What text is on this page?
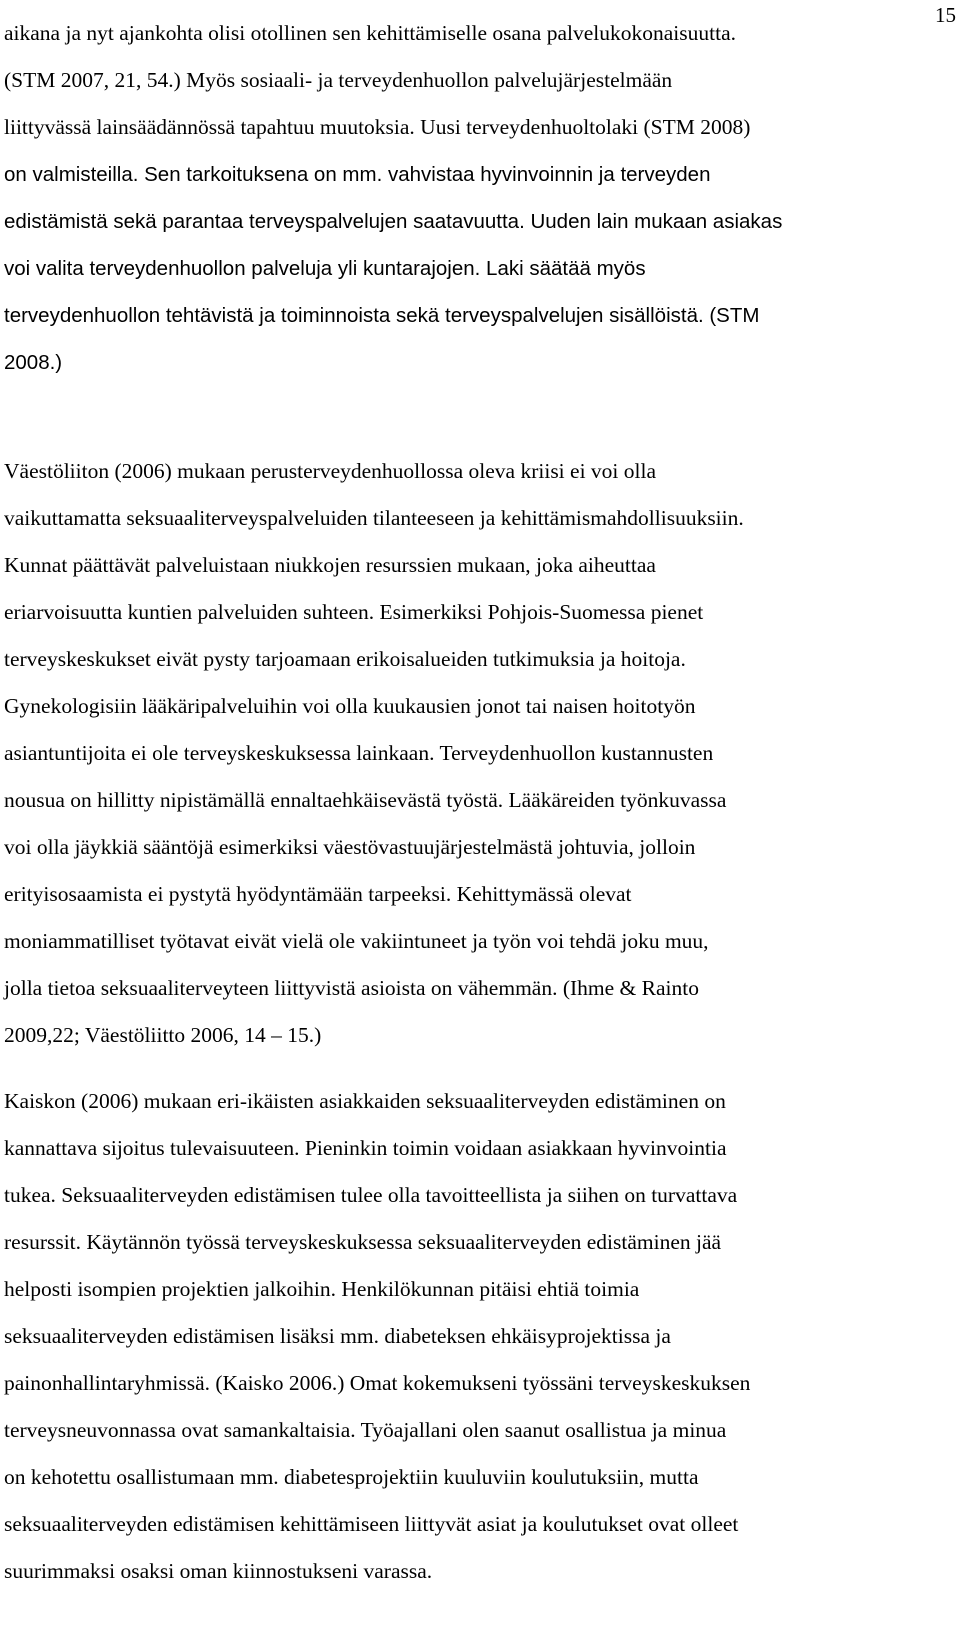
15
aikana ja nyt ajankohta olisi otollinen sen kehittämiselle osana palvelukokonaisuutta.
(STM 2007, 21, 54.) Myös sosiaali- ja terveydenhuollon palvelujärjestelmään
liittyvässä lainsäädännössä tapahtuu muutoksia. Uusi terveydenhuoltolaki (STM 2008)
on valmisteilla. Sen tarkoituksena on mm. vahvistaa hyvinvoinnin ja terveyden
edistämistä sekä parantaa terveyspalvelujen saatavuutta. Uuden lain mukaan asiakas
voi valita terveydenhuollon palveluja yli kuntarajojen. Laki säätää myös
terveydenhuollon tehtävistä ja toiminnoista sekä terveyspalvelujen sisällöistä. (STM
2008.)
Väestöliiton (2006) mukaan perusterveydenhuollossa oleva kriisi ei voi olla
vaikuttamatta seksuaaliterveyspalveluiden tilanteeseen ja kehittämismahdollisuuksiin.
Kunnat päättävät palveluistaan niukkojen resurssien mukaan, joka aiheuttaa
eriarvoisuutta kuntien palveluiden suhteen. Esimerkiksi Pohjois-Suomessa pienet
terveyskeskukset eivät pysty tarjoamaan erikoisalueiden tutkimuksia ja hoitoja.
Gynekologisiin lääkäripalveluihin voi olla kuukausien jonot tai naisen hoitotyön
asiantuntijoita ei ole terveyskeskuksessa lainkaan. Terveydenhuollon kustannusten
nousua on hillitty nipistämällä ennaltaehkäisevästä työstä. Lääkäreiden työnkuvassa
voi olla jäykkiä sääntöjä esimerkiksi väestövastuujärjestelmästä johtuvia, jolloin
erityisosaamista ei pystytä hyödyntämään tarpeeksi. Kehittymässä olevat
moniammatilliset työtavat eivät vielä ole vakiintuneet ja työn voi tehdä joku muu,
jolla tietoa seksuaaliterveyteen liittyvistä asioista on vähemmän. (Ihme & Rainto
2009,22; Väestöliitto 2006, 14 – 15.)
Kaiskon (2006) mukaan eri-ikäisten asiakkaiden seksuaaliterveyden edistäminen on
kannattava sijoitus tulevaisuuteen. Pieninkin toimin voidaan asiakkaan hyvinvointia
tukea. Seksuaaliterveyden edistämisen tulee olla tavoitteellista ja siihen on turvattava
resurssit. Käytännön työssä terveyskeskuksessa seksuaaliterveyden edistäminen jää
helposti isompien projektien jalkoihin. Henkilökunnan pitäisi ehtiä toimia
seksuaaliterveyden edistämisen lisäksi mm. diabeteksen ehkäisyprojektissa ja
painonhallintaryhmissä. (Kaisko 2006.) Omat kokemukseni työssäni terveyskeskuksen
terveysneuvonnassa ovat samankaltaisia. Työajallani olen saanut osallistua ja minua
on kehotettu osallistumaan mm. diabetesprojektiin kuuluviin koulutuksiin, mutta
seksuaaliterveyden edistämisen kehittämiseen liittyvät asiat ja koulutukset ovat olleet
suurimmaksi osaksi oman kiinnostukseni varassa.
